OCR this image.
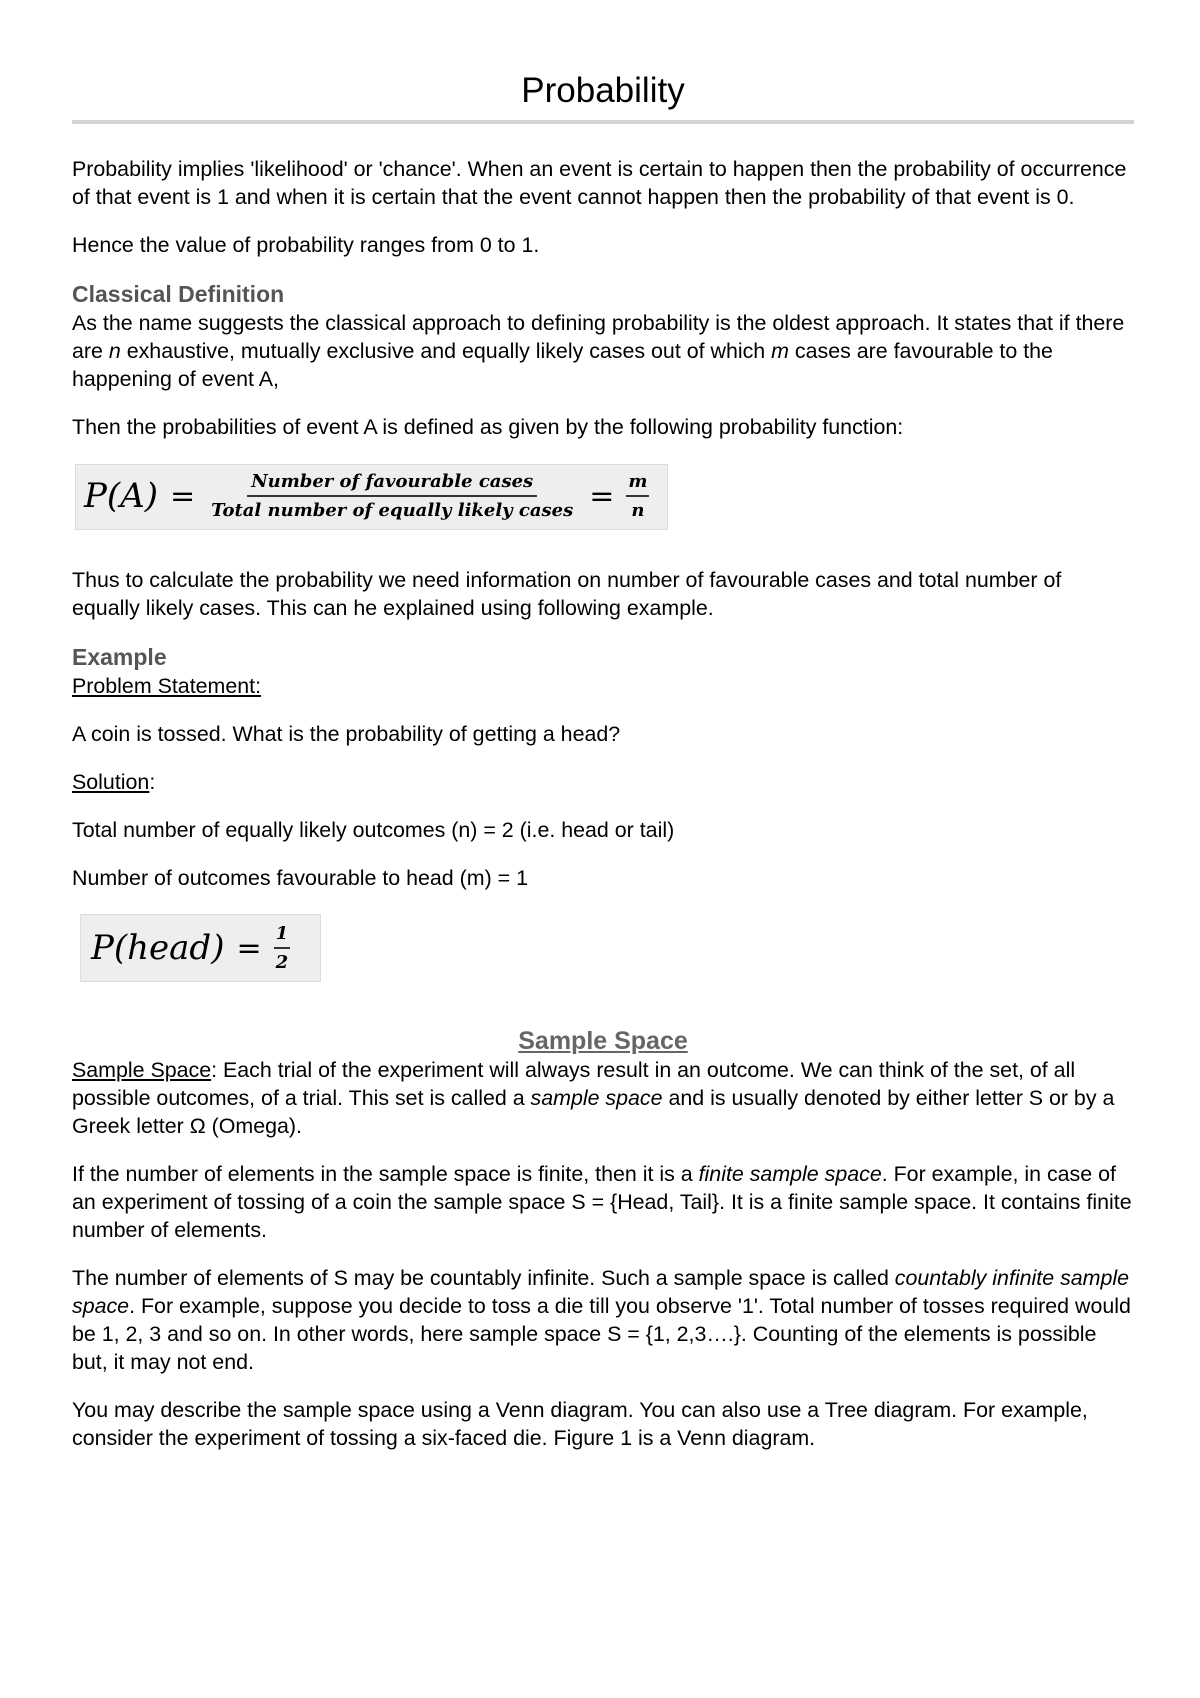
Probability

Probability implies 'likelihood' or 'chance'. When an event is certain to happen then the probability of occurrence of that event is 1 and when it is certain that the event cannot happen then the probability of that event is 0.

Hence the value of probability ranges from 0 to 1.

Classical Definition

As the name suggests the classical approach to defining probability is the oldest approach. It states that if there are n exhaustive, mutually exclusive and equally likely cases out of which m cases are favourable to the happening of event A,

Then the probabilities of event A is defined as given by the following probability function:

$P(A) = \frac{\text{Number of favourable cases}}{\text{Total number of equally likely cases}} = \frac{m}{n}$

Thus to calculate the probability we need information on number of favourable cases and total number of equally likely cases. This can he explained using following example.

Example

Problem Statement:

A coin is tossed. What is the probability of getting a head?

Solution:

Total number of equally likely outcomes (n) = 2 (i.e. head or tail)

Number of outcomes favourable to head (m) = 1

P(head) = $\frac{1}{2}$
Sample Space

Sample Space: Each trial of the experiment will always result in an outcome. We can think of the set, of all possible outcomes, of a trial. This set is called a sample space and is usually denoted by either letter S or by a Greek letter Ω (Omega).

If the number of elements in the sample space is finite, then it is a finite sample space. For example, in case of an experiment of tossing of a coin the sample space S = {Head, Tail}. It is a finite sample space. It contains finite number of elements.

The number of elements of S may be countably infinite. Such a sample space is called countably infinite sample space. For example, suppose you decide to toss a die till you observe '1'. Total number of tosses required would be 1, 2, 3 and so on. In other words, here sample space S = {1, 2,3….}. Counting of the elements is possible but, it may not end.

You may describe the sample space using a Venn diagram. You can also use a Tree diagram. For example, consider the experiment of tossing a six-faced die. Figure 1 is a Venn diagram.
